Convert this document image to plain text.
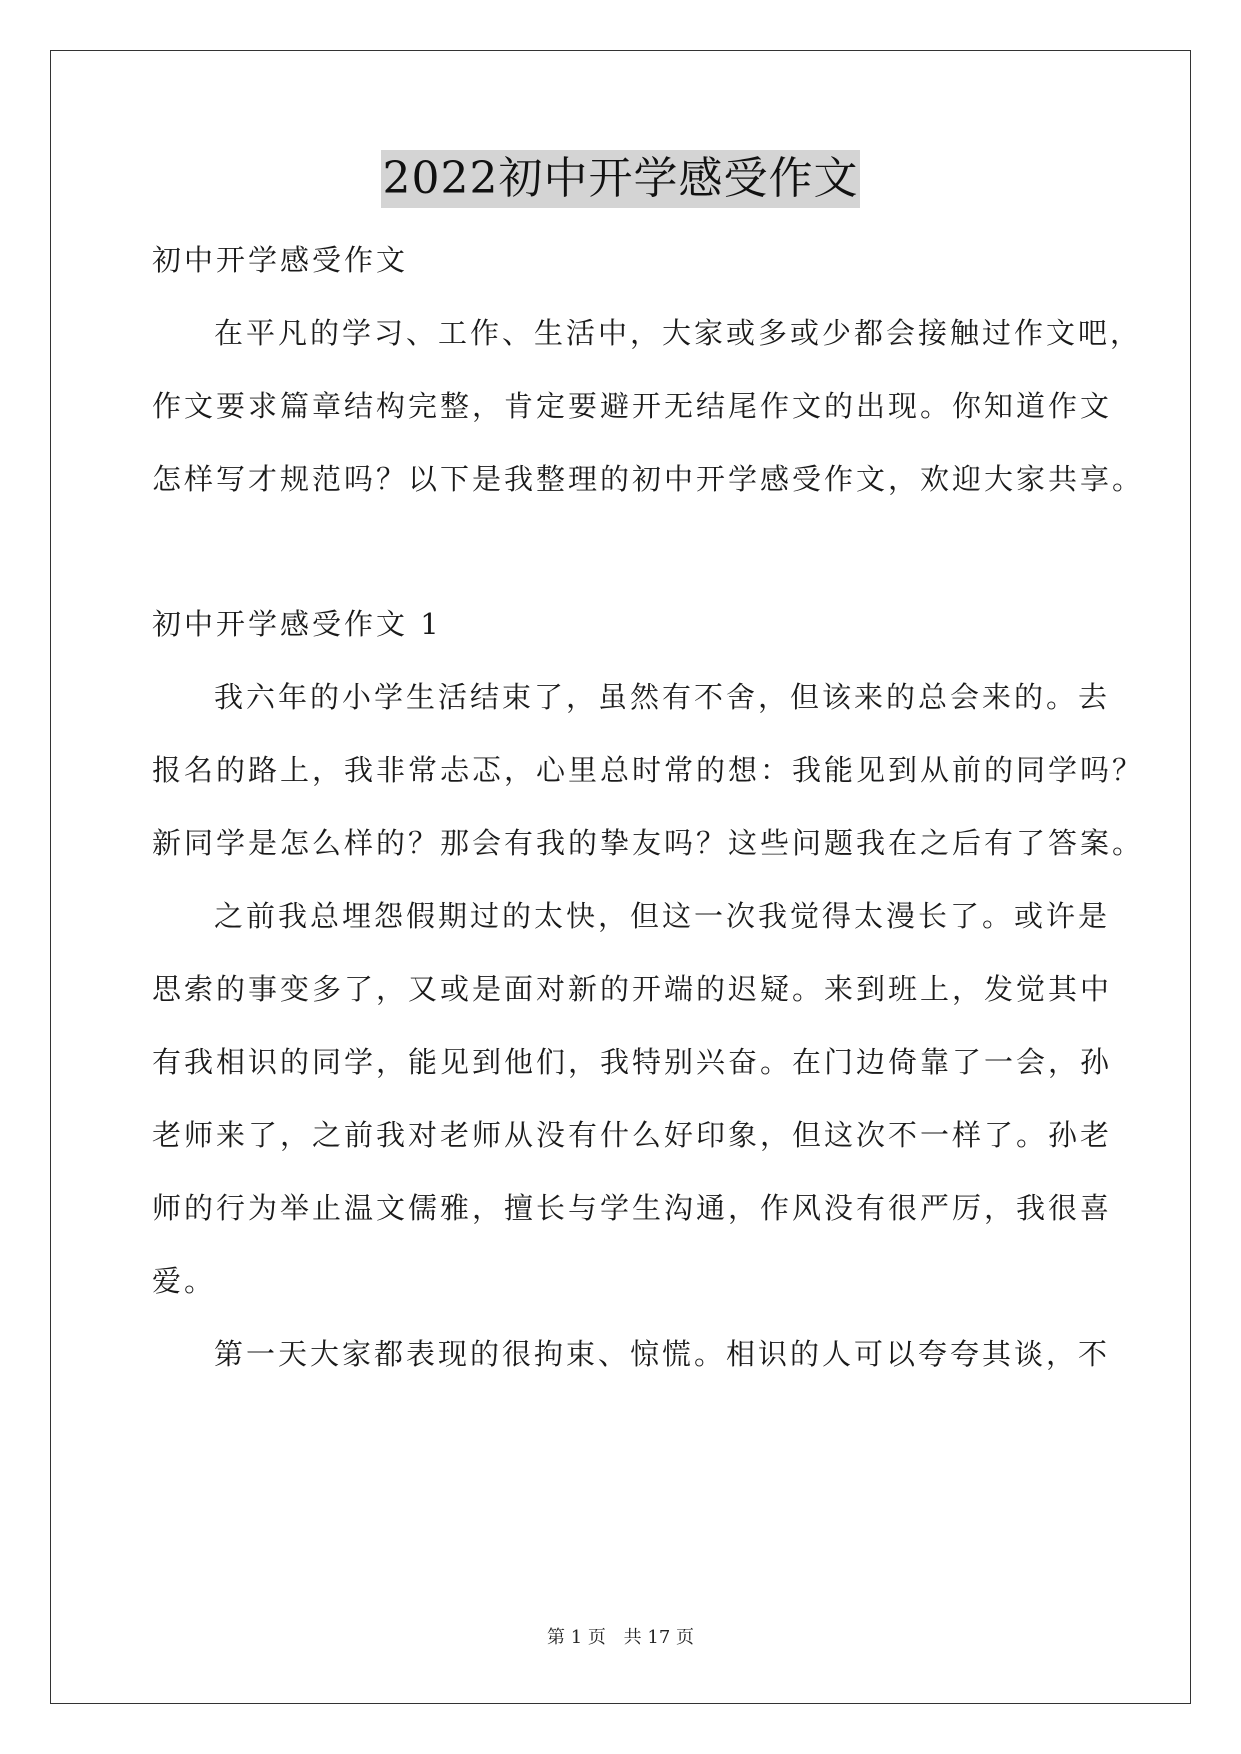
2022初中开学感受作文
初中开学感受作文
在平凡的学习、工作、生活中，大家或多或少都会接触过作文吧，
作文要求篇章结构完整，肯定要避开无结尾作文的出现。你知道作文
怎样写才规范吗？以下是我整理的初中开学感受作文，欢迎大家共享。
初中开学感受作文 1
我六年的小学生活结束了，虽然有不舍，但该来的总会来的。去
报名的路上，我非常忐忑，心里总时常的想：我能见到从前的同学吗？
新同学是怎么样的？那会有我的挚友吗？这些问题我在之后有了答案。
之前我总埋怨假期过的太快，但这一次我觉得太漫长了。或许是
思索的事变多了，又或是面对新的开端的迟疑。来到班上，发觉其中
有我相识的同学，能见到他们，我特别兴奋。在门边倚靠了一会，孙
老师来了，之前我对老师从没有什么好印象，但这次不一样了。孙老
师的行为举止温文儒雅，擅长与学生沟通，作风没有很严厉，我很喜
爱。
第一天大家都表现的很拘束、惊慌。相识的人可以夸夸其谈，不
第 1 页 共 17 页
